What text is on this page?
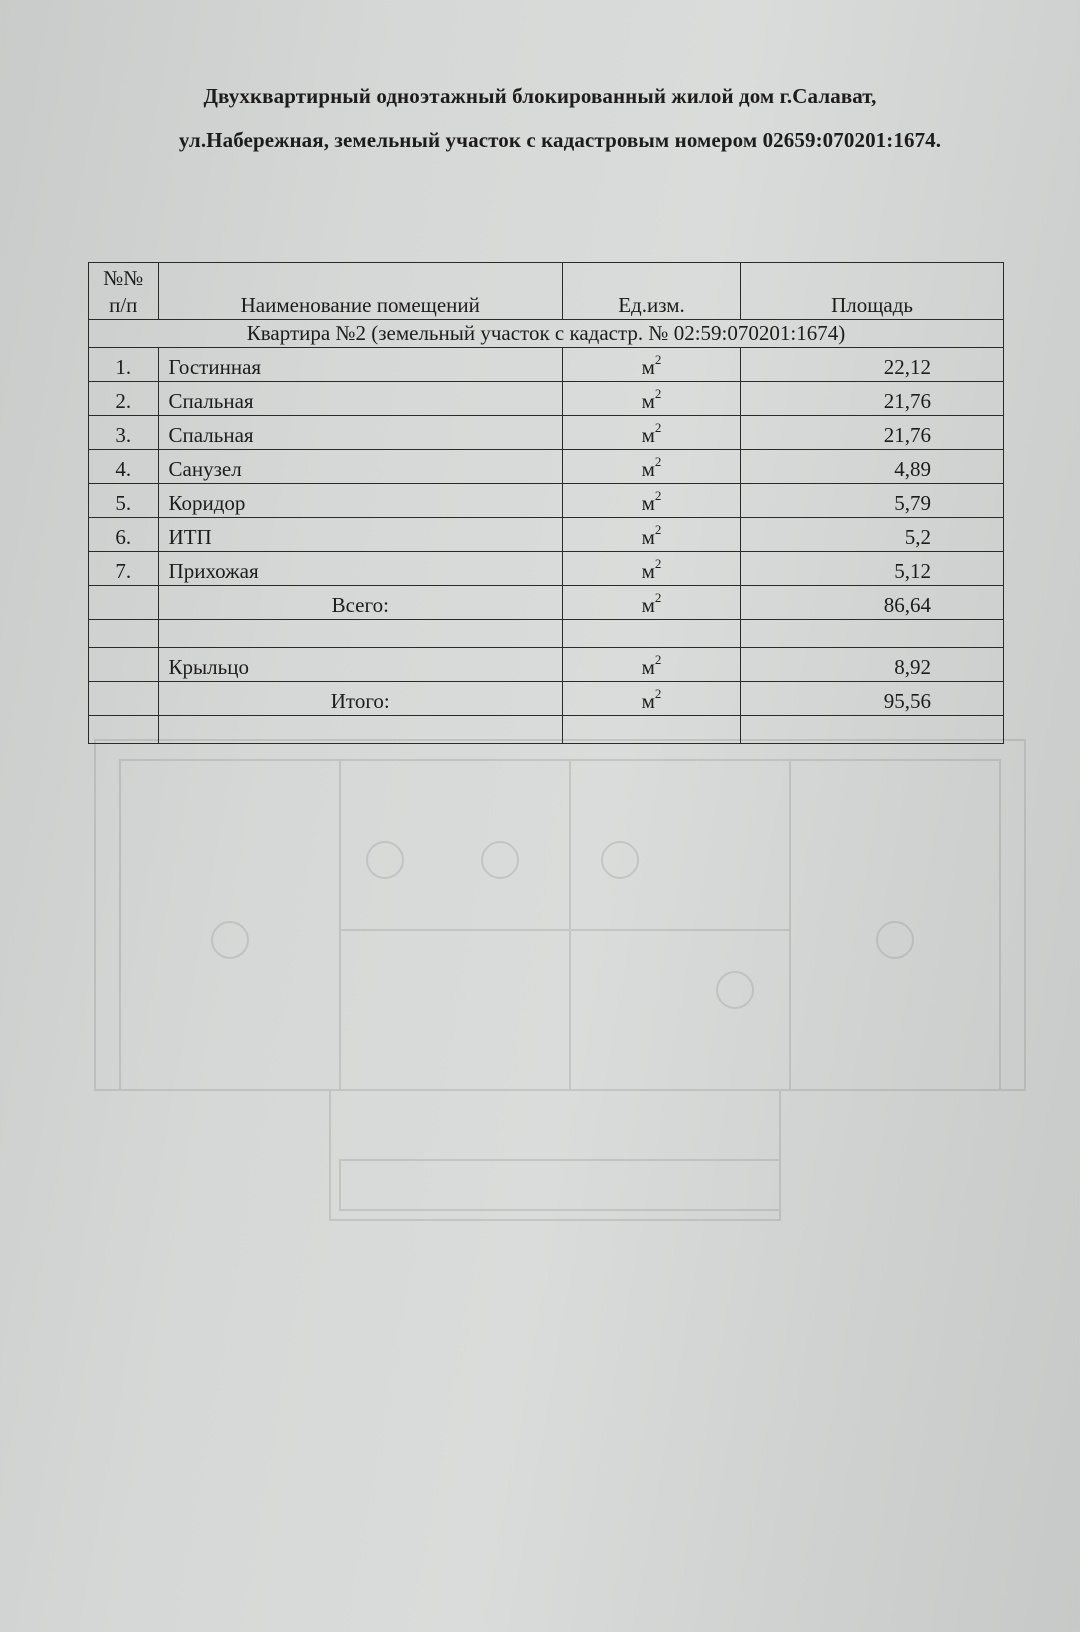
Двухквартирный одноэтажный блокированный жилой дом г.Салават,
ул.Набережная, земельный участок с кадастровым номером 02659:070201:1674.
№№ п/п	Наименование помещений	Ед.изм.	Площадь
Квартира №2 (земельный участок с кадастр. № 02:59:070201:1674)			
1.	Гостинная	$м^2$	22,12
2.	Спальная	$м^2$	21,76
3.	Спальная	$м^2$	21,76
4.	Санузел	$м^2$	4,89
5.	Коридор	$м^2$	5,79
6.	ИТП	$м^2$	5,2
7.	Прихожая	$м^2$	5,12
	Всего:	$м^2$	86,64

	Крыльцо	$м^2$	8,92
	Итого:	$м^2$	95,56
